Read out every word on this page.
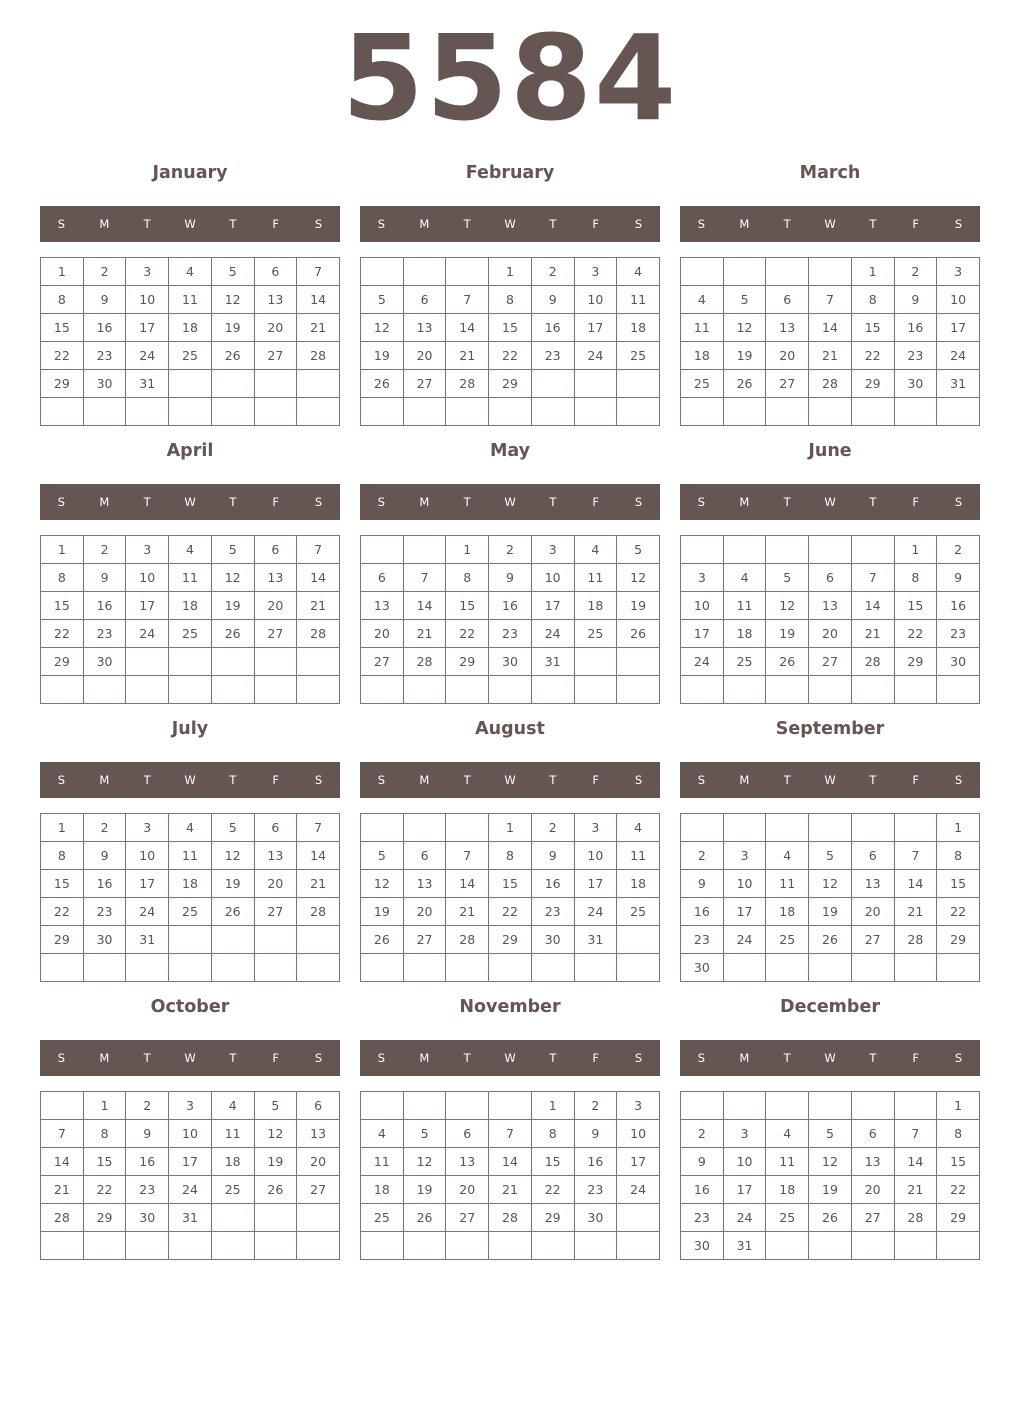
5584
January
S	M	T	W	T	F	S
1	2	3	4	5	6	7
8	9	10	11	12	13	14
15	16	17	18	19	20	21
22	23	24	25	26	27	28
29	30	31				

February
S	M	T	W	T	F	S
			1	2	3	4
5	6	7	8	9	10	11
12	13	14	15	16	17	18
19	20	21	22	23	24	25
26	27	28	29			

March
S	M	T	W	T	F	S
				1	2	3
4	5	6	7	8	9	10
11	12	13	14	15	16	17
18	19	20	21	22	23	24
25	26	27	28	29	30	31

April
S	M	T	W	T	F	S
1	2	3	4	5	6	7
8	9	10	11	12	13	14
15	16	17	18	19	20	21
22	23	24	25	26	27	28
29	30					

May
S	M	T	W	T	F	S
		1	2	3	4	5
6	7	8	9	10	11	12
13	14	15	16	17	18	19
20	21	22	23	24	25	26
27	28	29	30	31		

June
S	M	T	W	T	F	S
					1	2
3	4	5	6	7	8	9
10	11	12	13	14	15	16
17	18	19	20	21	22	23
24	25	26	27	28	29	30

July
S	M	T	W	T	F	S
1	2	3	4	5	6	7
8	9	10	11	12	13	14
15	16	17	18	19	20	21
22	23	24	25	26	27	28
29	30	31				

August
S	M	T	W	T	F	S
			1	2	3	4
5	6	7	8	9	10	11
12	13	14	15	16	17	18
19	20	21	22	23	24	25
26	27	28	29	30	31	

September
S	M	T	W	T	F	S
						1
2	3	4	5	6	7	8
9	10	11	12	13	14	15
16	17	18	19	20	21	22
23	24	25	26	27	28	29
30						
October
S	M	T	W	T	F	S
	1	2	3	4	5	6
7	8	9	10	11	12	13
14	15	16	17	18	19	20
21	22	23	24	25	26	27
28	29	30	31			

November
S	M	T	W	T	F	S
				1	2	3
4	5	6	7	8	9	10
11	12	13	14	15	16	17
18	19	20	21	22	23	24
25	26	27	28	29	30	

December
S	M	T	W	T	F	S
						1
2	3	4	5	6	7	8
9	10	11	12	13	14	15
16	17	18	19	20	21	22
23	24	25	26	27	28	29
30	31					
